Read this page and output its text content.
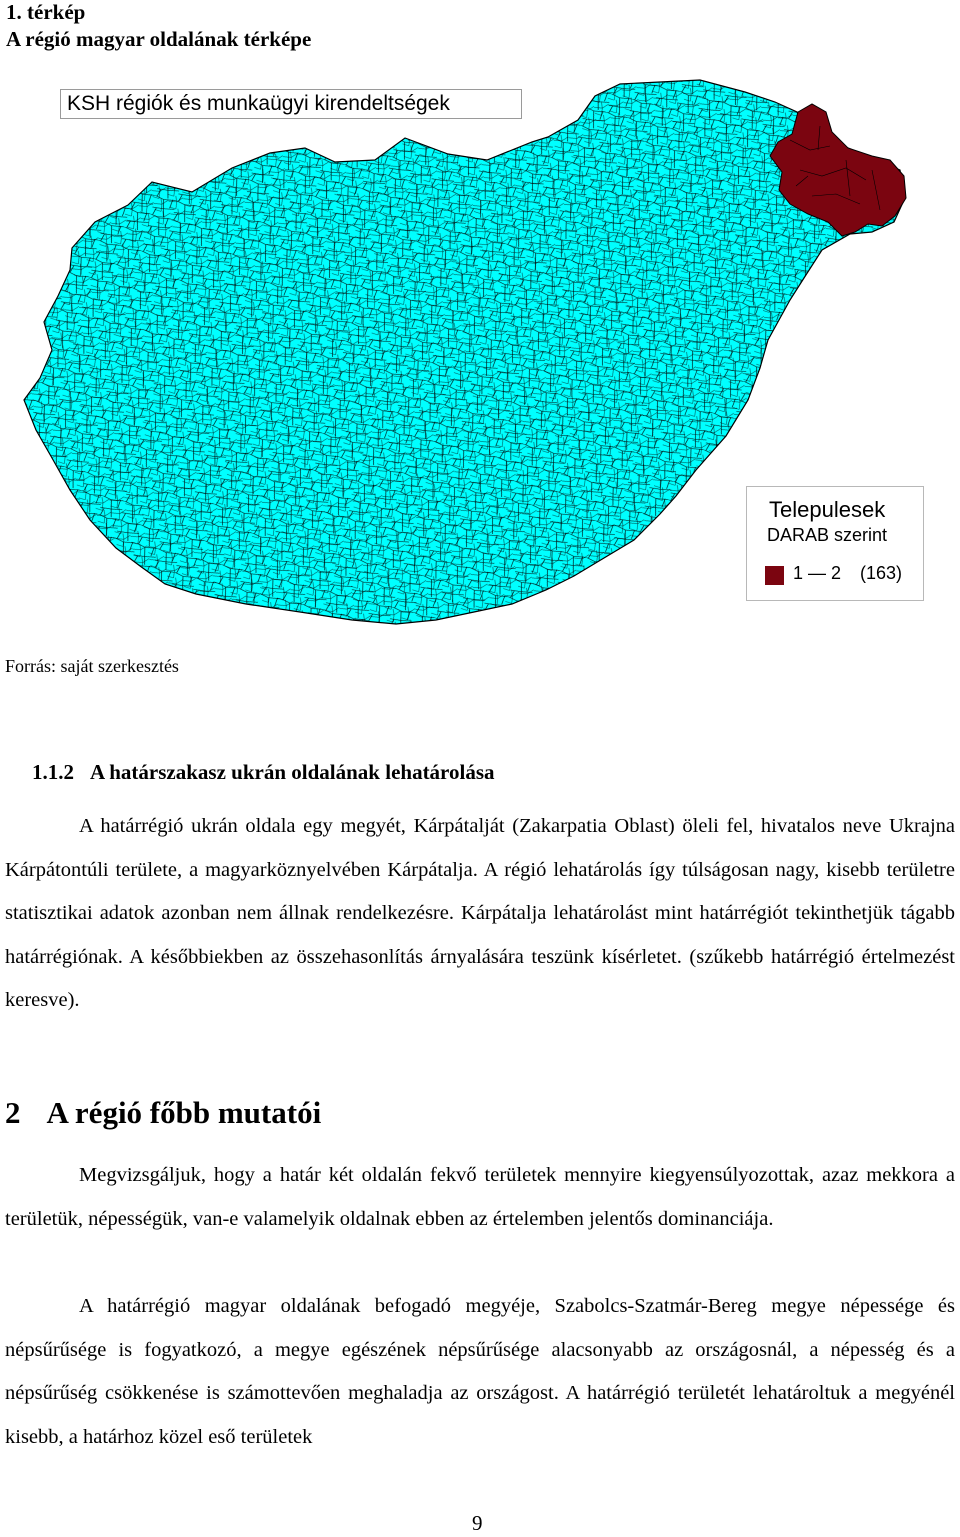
1. térkép
A régió magyar oldalának térképe
KSH régiók és munkaügyi kirendeltségek
Telepulesek
DARAB szerint
1 — 2 (163)
Forrás: saját szerkesztés
1.1.2 A határszakasz ukrán oldalának lehatárolása
A határrégió ukrán oldala egy megyét, Kárpátalját (Zakarpatia Oblast) öleli fel, hivatalos neve Ukrajna Kárpátontúli területe, a magyarköznyelvében Kárpátalja. A régió lehatárolás így túlságosan nagy, kisebb területre statisztikai adatok azonban nem állnak rendelkezésre. Kárpátalja lehatárolást mint határrégiót tekinthetjük tágabb határrégiónak. A későbbiekben az összehasonlítás árnyalására teszünk kísérletet. (szűkebb határrégió értelmezést keresve).
2 A régió főbb mutatói
Megvizsgáljuk, hogy a határ két oldalán fekvő területek mennyire kiegyensúlyozottak, azaz mekkora a területük, népességük, van-e valamelyik oldalnak ebben az értelemben jelentős dominanciája.
A határrégió magyar oldalának befogadó megyéje, Szabolcs-Szatmár-Bereg megye népessége és népsűrűsége is fogyatkozó, a megye egészének népsűrűsége alacsonyabb az országosnál, a népesség és a népsűrűség csökkenése is számottevően meghaladja az országost. A határrégió területét lehatároltuk a megyénél kisebb, a határhoz közel eső területek
9
